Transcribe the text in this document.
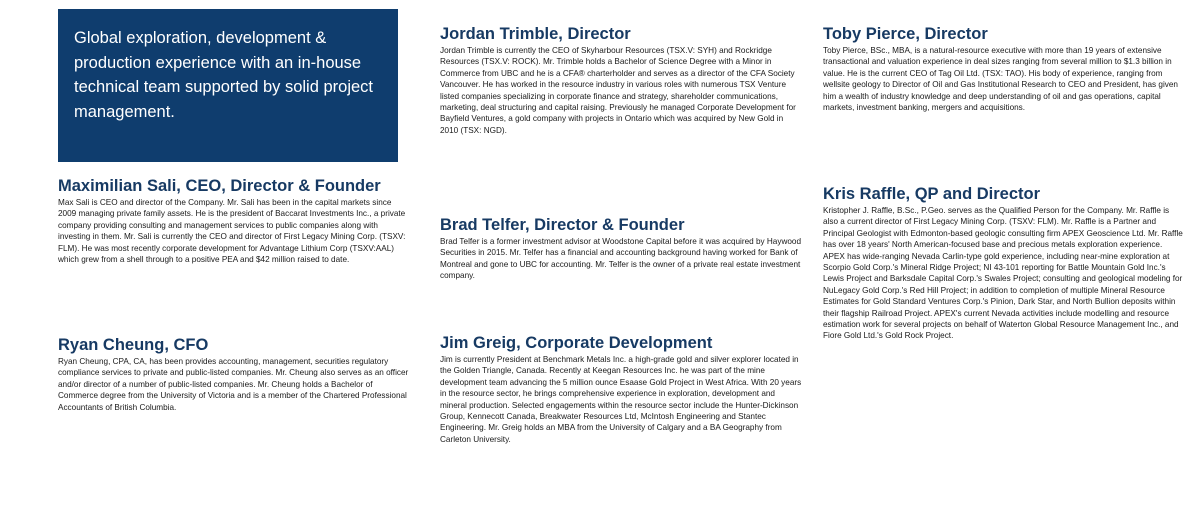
Global exploration, development & production experience with an in-house technical team supported by solid project management.
Maximilian Sali, CEO, Director & Founder

Max Sali is CEO and director of the Company. Mr. Sali has been in the capital markets since 2009 managing private family assets. He is the president of Baccarat Investments Inc., a private company providing consulting and management services to public companies along with investing in them. Mr. Sali is currently the CEO and director of First Legacy Mining Corp. (TSXV: FLM). He was most recently corporate development for Advantage Lithium Corp (TSXV:AAL) which grew from a shell through to a positive PEA and $42 million raised to date.

Ryan Cheung, CFO

Ryan Cheung, CPA, CA, has been provides accounting, management, securities regulatory compliance services to private and public-listed companies. Mr. Cheung also serves as an officer and/or director of a number of public-listed companies. Mr. Cheung holds a Bachelor of Commerce degree from the University of Victoria and is a member of the Chartered Professional Accountants of British Columbia.

Jordan Trimble, Director

Jordan Trimble is currently the CEO of Skyharbour Resources (TSX.V: SYH) and Rockridge Resources (TSX.V: ROCK). Mr. Trimble holds a Bachelor of Science Degree with a Minor in Commerce from UBC and he is a CFA® charterholder and serves as a director of the CFA Society Vancouver. He has worked in the resource industry in various roles with numerous TSX Venture listed companies specializing in corporate finance and strategy, shareholder communications, marketing, deal structuring and capital raising. Previously he managed Corporate Development for Bayfield Ventures, a gold company with projects in Ontario which was acquired by New Gold in 2010 (TSX: NGD).

Brad Telfer, Director & Founder

Brad Telfer is a former investment advisor at Woodstone Capital before it was acquired by Haywood Securities in 2015. Mr. Telfer has a financial and accounting background having worked for Bank of Montreal and gone to UBC for accounting. Mr. Telfer is the owner of a private real estate investment company.

Jim Greig, Corporate Development

Jim is currently President at Benchmark Metals Inc. a high-grade gold and silver explorer located in the Golden Triangle, Canada. Recently at Keegan Resources Inc. he was part of the mine development team advancing the 5 million ounce Esaase Gold Project in West Africa. With 20 years in the resource sector, he brings comprehensive experience in exploration, development and mineral production. Selected engagements within the resource sector include the Hunter-Dickinson Group, Kennecott Canada, Breakwater Resources Ltd, McIntosh Engineering and Stantec Engineering. Mr. Greig holds an MBA from the University of Calgary and a BA Geography from Carleton University.

Toby Pierce, Director

Toby Pierce, BSc., MBA, is a natural-resource executive with more than 19 years of extensive transactional and valuation experience in deal sizes ranging from several million to $1.3 billion in value. He is the current CEO of Tag Oil Ltd. (TSX: TAO). His body of experience, ranging from wellsite geology to Director of Oil and Gas Institutional Research to CEO and President, has given him a wealth of industry knowledge and deep understanding of oil and gas operations, capital markets, investment banking, mergers and acquisitions.

Kris Raffle, QP and Director

Kristopher J. Raffle, B.Sc., P.Geo. serves as the Qualified Person for the Company. Mr. Raffle is also a current director of First Legacy Mining Corp. (TSXV: FLM). Mr. Raffle is a Partner and Principal Geologist with Edmonton-based geologic consulting firm APEX Geoscience Ltd. Mr. Raffle has over 18 years' North American-focused base and precious metals exploration experience. APEX has wide-ranging Nevada Carlin-type gold experience, including near-mine exploration at Scorpio Gold Corp.'s Mineral Ridge Project; NI 43-101 reporting for Battle Mountain Gold Inc.'s Lewis Project and Barksdale Capital Corp.'s Swales Project; consulting and geological modeling for NuLegacy Gold Corp.'s Red Hill Project; in addition to completion of multiple Mineral Resource Estimates for Gold Standard Ventures Corp.'s Pinion, Dark Star, and North Bullion deposits within their flagship Railroad Project. APEX's current Nevada activities include modelling and resource estimation work for several projects on behalf of Waterton Global Resource Management Inc., and Fiore Gold Ltd.'s Gold Rock Project.
